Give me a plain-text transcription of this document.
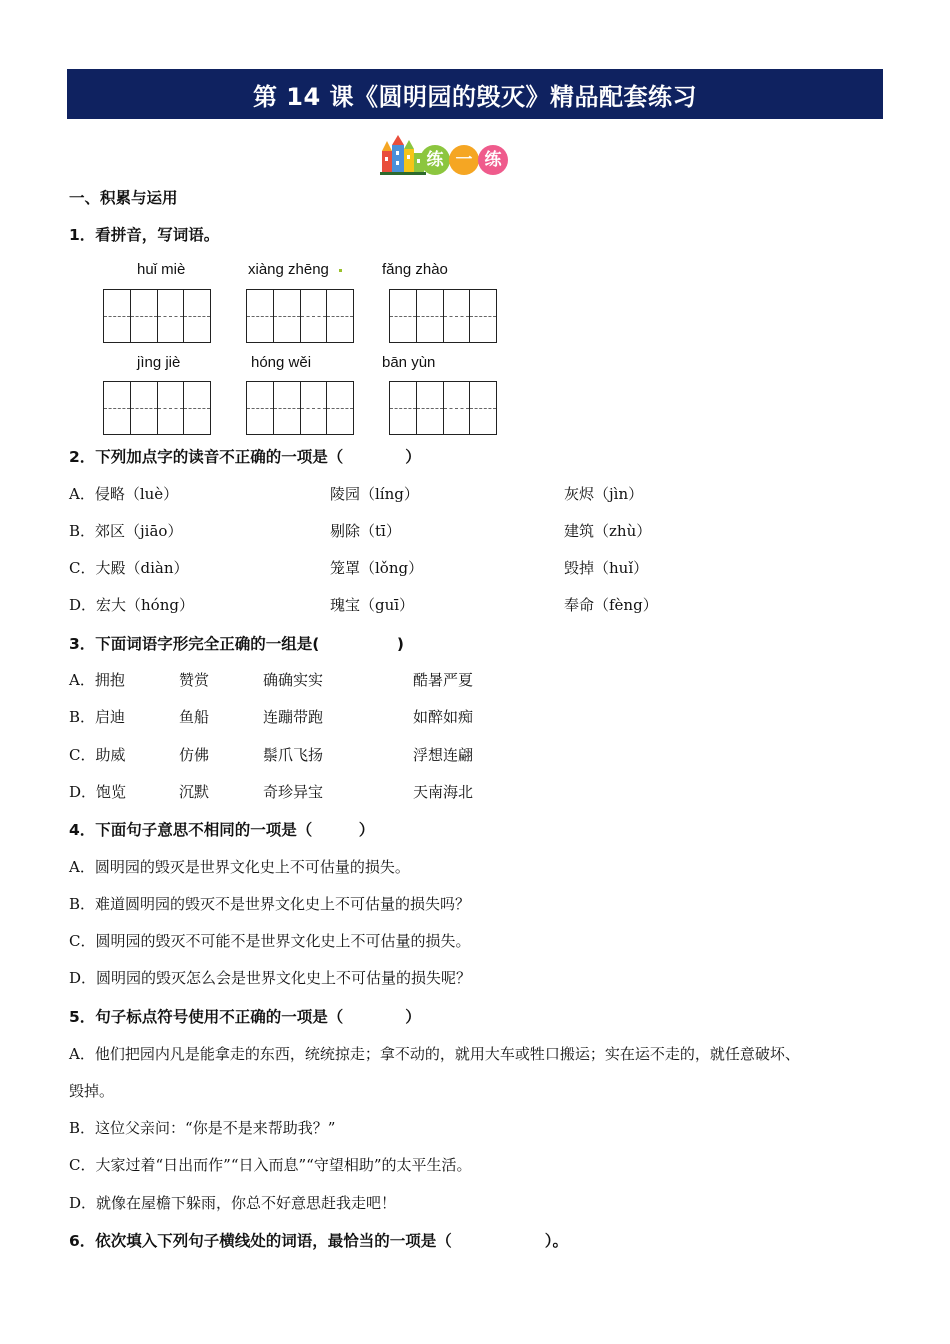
第 14 课《圆明园的毁灭》精品配套练习
练 一 练
一、积累与运用
1．看拼音，写词语。
huǐ miè	xiàng zhēng	fǎng zhào
jìng jiè	hóng wěi	bān yùn
2．下列加点字的读音不正确的一项是（　　　　）
A．侵略（luè）	陵园（líng）	灰烬（jìn）
B．郊区（jiāo）	剔除（tī）	建筑（zhù）
C．大殿（diàn）	笼罩（lǒng）	毁掉（huǐ）
D．宏大（hóng）	瑰宝（guī）	奉命（fèng）
3．下面词语字形完全正确的一组是(　　　　　)
A．拥抱	赞赏	确确实实	酷暑严夏
B．启迪	鱼船	连蹦带跑	如醉如痴
C．助威	仿佛	鬃爪飞扬	浮想连翩
D．饱览	沉默	奇珍异宝	天南海北
4．下面句子意思不相同的一项是（　　　）
A．圆明园的毁灭是世界文化史上不可估量的损失。
B．难道圆明园的毁灭不是世界文化史上不可估量的损失吗？
C．圆明园的毁灭不可能不是世界文化史上不可估量的损失。
D．圆明园的毁灭怎么会是世界文化史上不可估量的损失呢？
5．句子标点符号使用不正确的一项是（　　　　）
A．他们把园内凡是能拿走的东西，统统掠走；拿不动的，就用大车或牲口搬运；实在运不走的，就任意破坏、
毁掉。
B．这位父亲问：“你是不是来帮助我？”
C．大家过着“日出而作”“日入而息”“守望相助”的太平生活。
D．就像在屋檐下躲雨，你总不好意思赶我走吧！
6．依次填入下列句子横线处的词语，最恰当的一项是（　　　　　　）。
